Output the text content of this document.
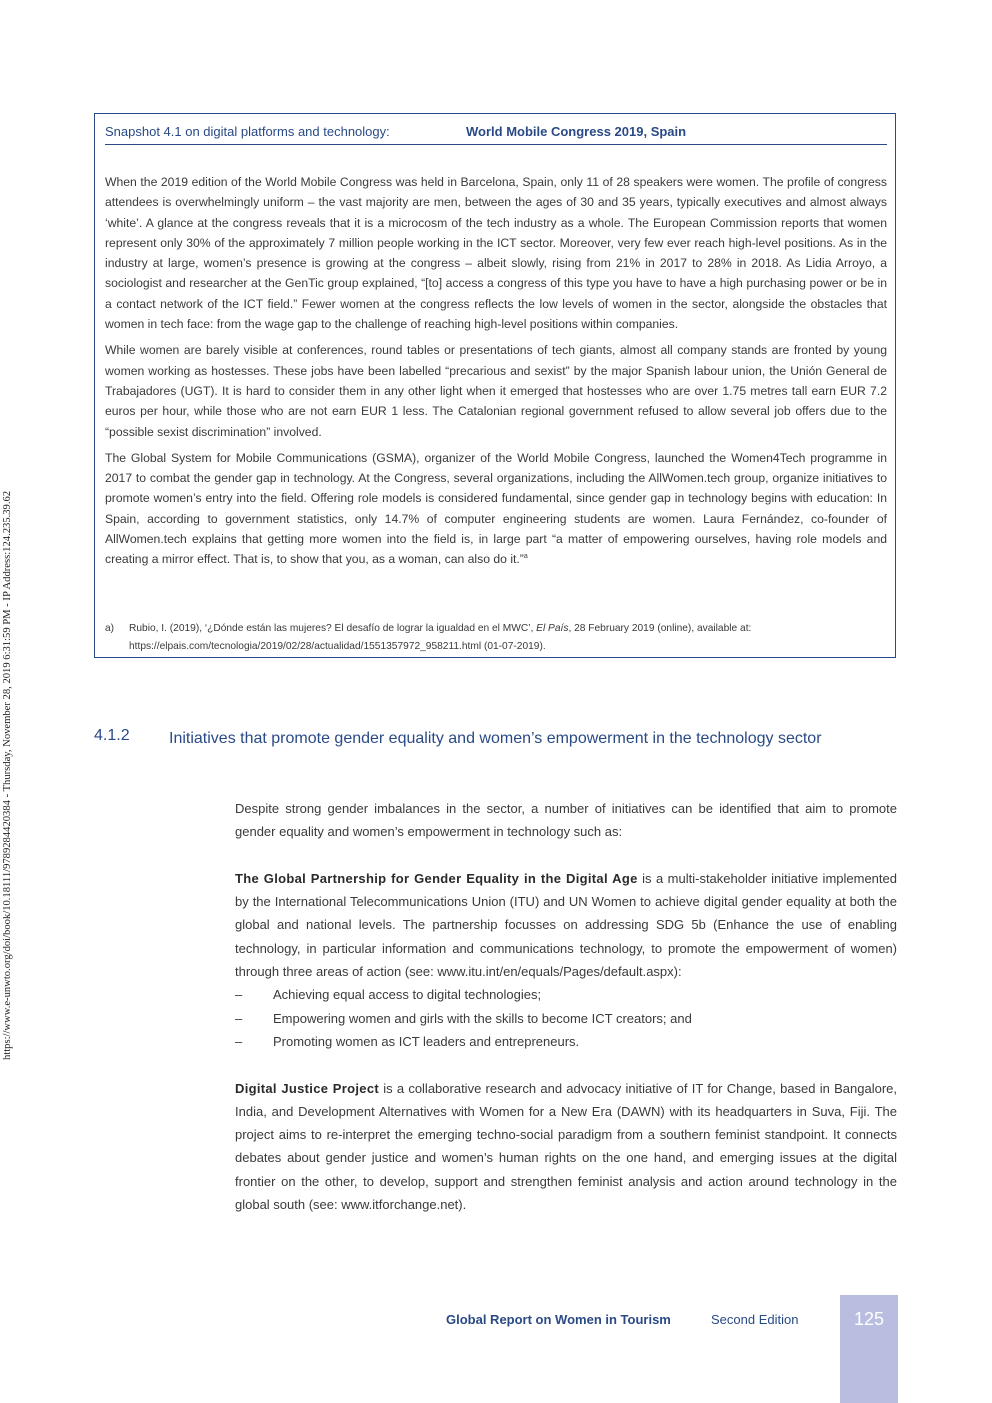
https://www.e-unwto.org/doi/book/10.18111/9789284420384 - Thursday, November 28, 2019 6:31:59 PM - IP Address:124.235.39.62
Snapshot 4.1 on digital platforms and technology:	World Mobile Congress 2019, Spain

When the 2019 edition of the World Mobile Congress was held in Barcelona, Spain, only 11 of 28 speakers were women. The profile of congress attendees is overwhelmingly uniform – the vast majority are men, between the ages of 30 and 35 years, typically executives and almost always ‘white’. A glance at the congress reveals that it is a microcosm of the tech industry as a whole. The European Commission reports that women represent only 30% of the approximately 7 million people working in the ICT sector. Moreover, very few ever reach high-level positions. As in the industry at large, women’s presence is growing at the congress – albeit slowly, rising from 21% in 2017 to 28% in 2018. As Lidia Arroyo, a sociologist and researcher at the GenTic group explained, “[to] access a congress of this type you have to have a high purchasing power or be in a contact network of the ICT field.” Fewer women at the congress reflects the low levels of women in the sector, alongside the obstacles that women in tech face: from the wage gap to the challenge of reaching high-level positions within companies.

While women are barely visible at conferences, round tables or presentations of tech giants, almost all company stands are fronted by young women working as hostesses. These jobs have been labelled “precarious and sexist” by the major Spanish labour union, the Unión General de Trabajadores (UGT). It is hard to consider them in any other light when it emerged that hostesses who are over 1.75 metres tall earn EUR 7.2 euros per hour, while those who are not earn EUR 1 less. The Catalonian regional government refused to allow several job offers due to the “possible sexist discrimination” involved.

The Global System for Mobile Communications (GSMA), organizer of the World Mobile Congress, launched the Women4Tech programme in 2017 to combat the gender gap in technology. At the Congress, several organizations, including the AllWomen.tech group, organize initiatives to promote women’s entry into the field. Offering role models is considered fundamental, since gender gap in technology begins with education: In Spain, according to government statistics, only 14.7% of computer engineering students are women. Laura Fernández, co-founder of AllWomen.tech explains that getting more women into the field is, in large part “a matter of empowering ourselves, having role models and creating a mirror effect. That is, to show that you, as a woman, can also do it.”$^a$

a) Rubio, I. (2019), ‘¿Dónde están las mujeres? El desafío de lograr la igualdad en el MWC’, El País, 28 February 2019 (online), available at:
https://elpais.com/tecnologia/2019/02/28/actualidad/1551357972_958211.html (01-07-2019).
4.1.2 Initiatives that promote gender equality and women’s empowerment in the technology sector

Despite strong gender imbalances in the sector, a number of initiatives can be identified that aim to promote gender equality and women’s empowerment in technology such as:

The Global Partnership for Gender Equality in the Digital Age is a multi-stakeholder initiative implemented by the International Telecommunications Union (ITU) and UN Women to achieve digital gender equality at both the global and national levels. The partnership focusses on addressing SDG 5b (Enhance the use of enabling technology, in particular information and communications technology, to promote the empowerment of women) through three areas of action (see: www.itu.int/en/equals/Pages/default.aspx):

– Achieving equal access to digital technologies;
– Empowering women and girls with the skills to become ICT creators; and
– Promoting women as ICT leaders and entrepreneurs.

Digital Justice Project is a collaborative research and advocacy initiative of IT for Change, based in Bangalore, India, and Development Alternatives with Women for a New Era (DAWN) with its headquarters in Suva, Fiji. The project aims to re-interpret the emerging techno-social paradigm from a southern feminist standpoint. It connects debates about gender justice and women’s human rights on the one hand, and emerging issues at the digital frontier on the other, to develop, support and strengthen feminist analysis and action around technology in the global south (see: www.itforchange.net).

Global Report on Women in Tourism	Second Edition	125
